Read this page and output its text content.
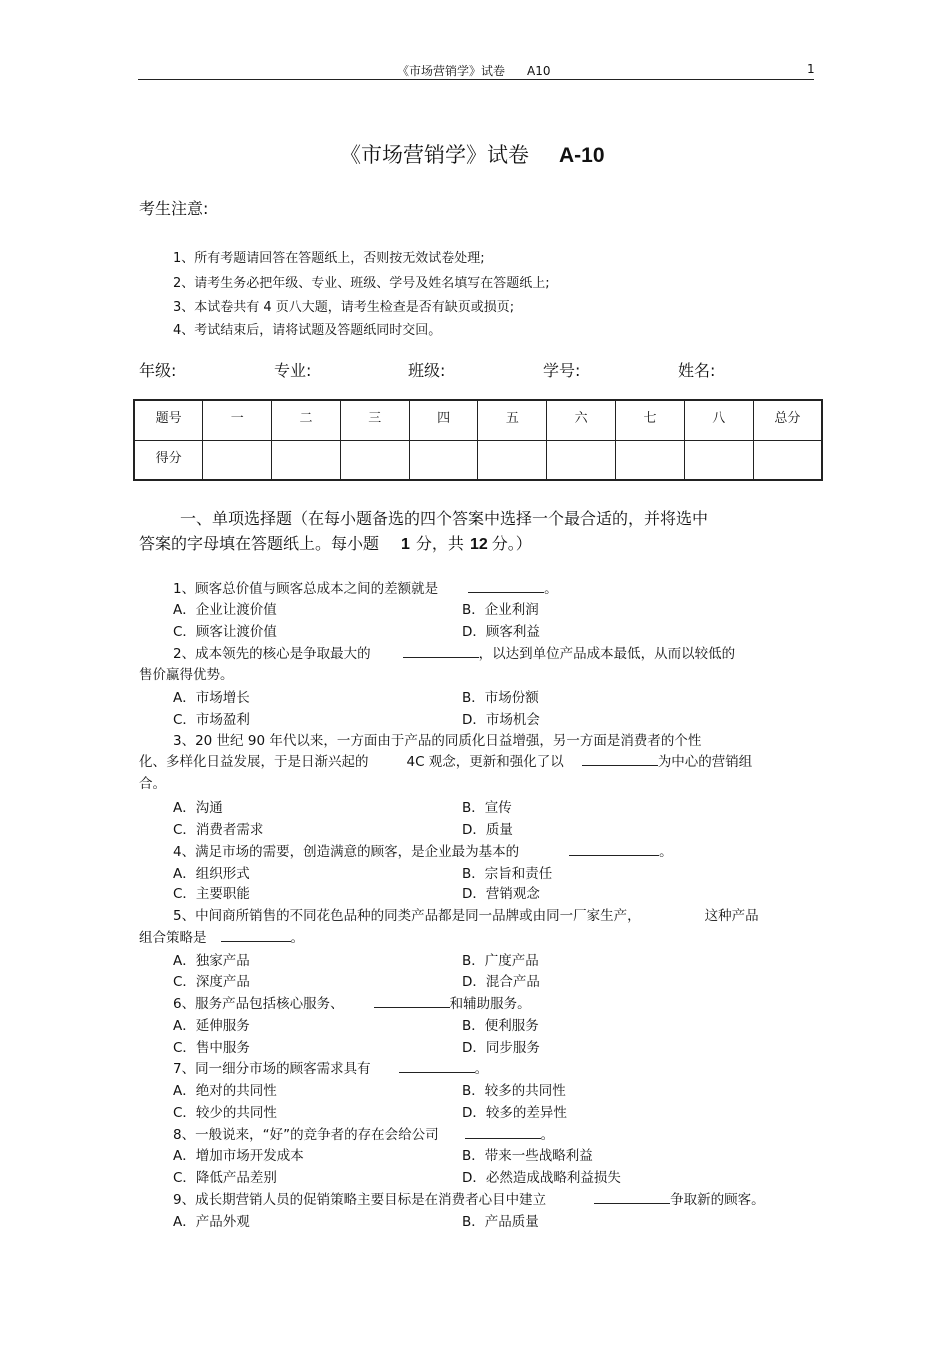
《市场营销学》试卷 A10	1
《市场营销学》试卷 A-10
考生注意:
1、所有考题请回答在答题纸上，否则按无效试卷处理;
2、请考生务必把年级、专业、班级、学号及姓名填写在答题纸上;
3、本试卷共有 4 页八大题，请考生检查是否有缺页或损页;
4、考试结束后，请将试题及答题纸同时交回。
年级:	专业:	班级:	学号:	姓名:
题号	一	二	三	四	五	六	七	八	总分
得分									
一、单项选择题（在每小题备选的四个答案中选择一个最合适的，并将选中
答案的字母填在答题纸上。每小题 1 分，共 12 分。）
1、顾客总价值与顾客总成本之间的差额就是	。
A．企业让渡价值	B．企业利润
C．顾客让渡价值	D．顾客利益
2、成本领先的核心是争取最大的	，以达到单位产品成本最低，从而以较低的
售价赢得优势。
A．市场增长	B．市场份额
C．市场盈利	D．市场机会
3、20 世纪 90 年代以来，一方面由于产品的同质化日益增强，另一方面是消费者的个性
化、多样化日益发展，于是日渐兴起的	4C 观念，更新和强化了以	为中心的营销组
合。
A．沟通	B．宣传
C．消费者需求	D．质量
4、满足市场的需要，创造满意的顾客，是企业最为基本的	。
A．组织形式	B．宗旨和责任
C．主要职能	D．营销观念
5、中间商所销售的不同花色品种的同类产品都是同一品牌或由同一厂家生产，	这种产品
组合策略是	。
A．独家产品	B．广度产品
C．深度产品	D．混合产品
6、服务产品包括核心服务、	和辅助服务。
A．延伸服务	B．便利服务
C．售中服务	D．同步服务
7、同一细分市场的顾客需求具有	。
A．绝对的共同性	B．较多的共同性
C．较少的共同性	D．较多的差异性
8、一般说来，“好”的竞争者的存在会给公司	。
A．增加市场开发成本	B．带来一些战略利益
C．降低产品差别	D．必然造成战略利益损失
9、成长期营销人员的促销策略主要目标是在消费者心目中建立	争取新的顾客。
A．产品外观	B．产品质量
